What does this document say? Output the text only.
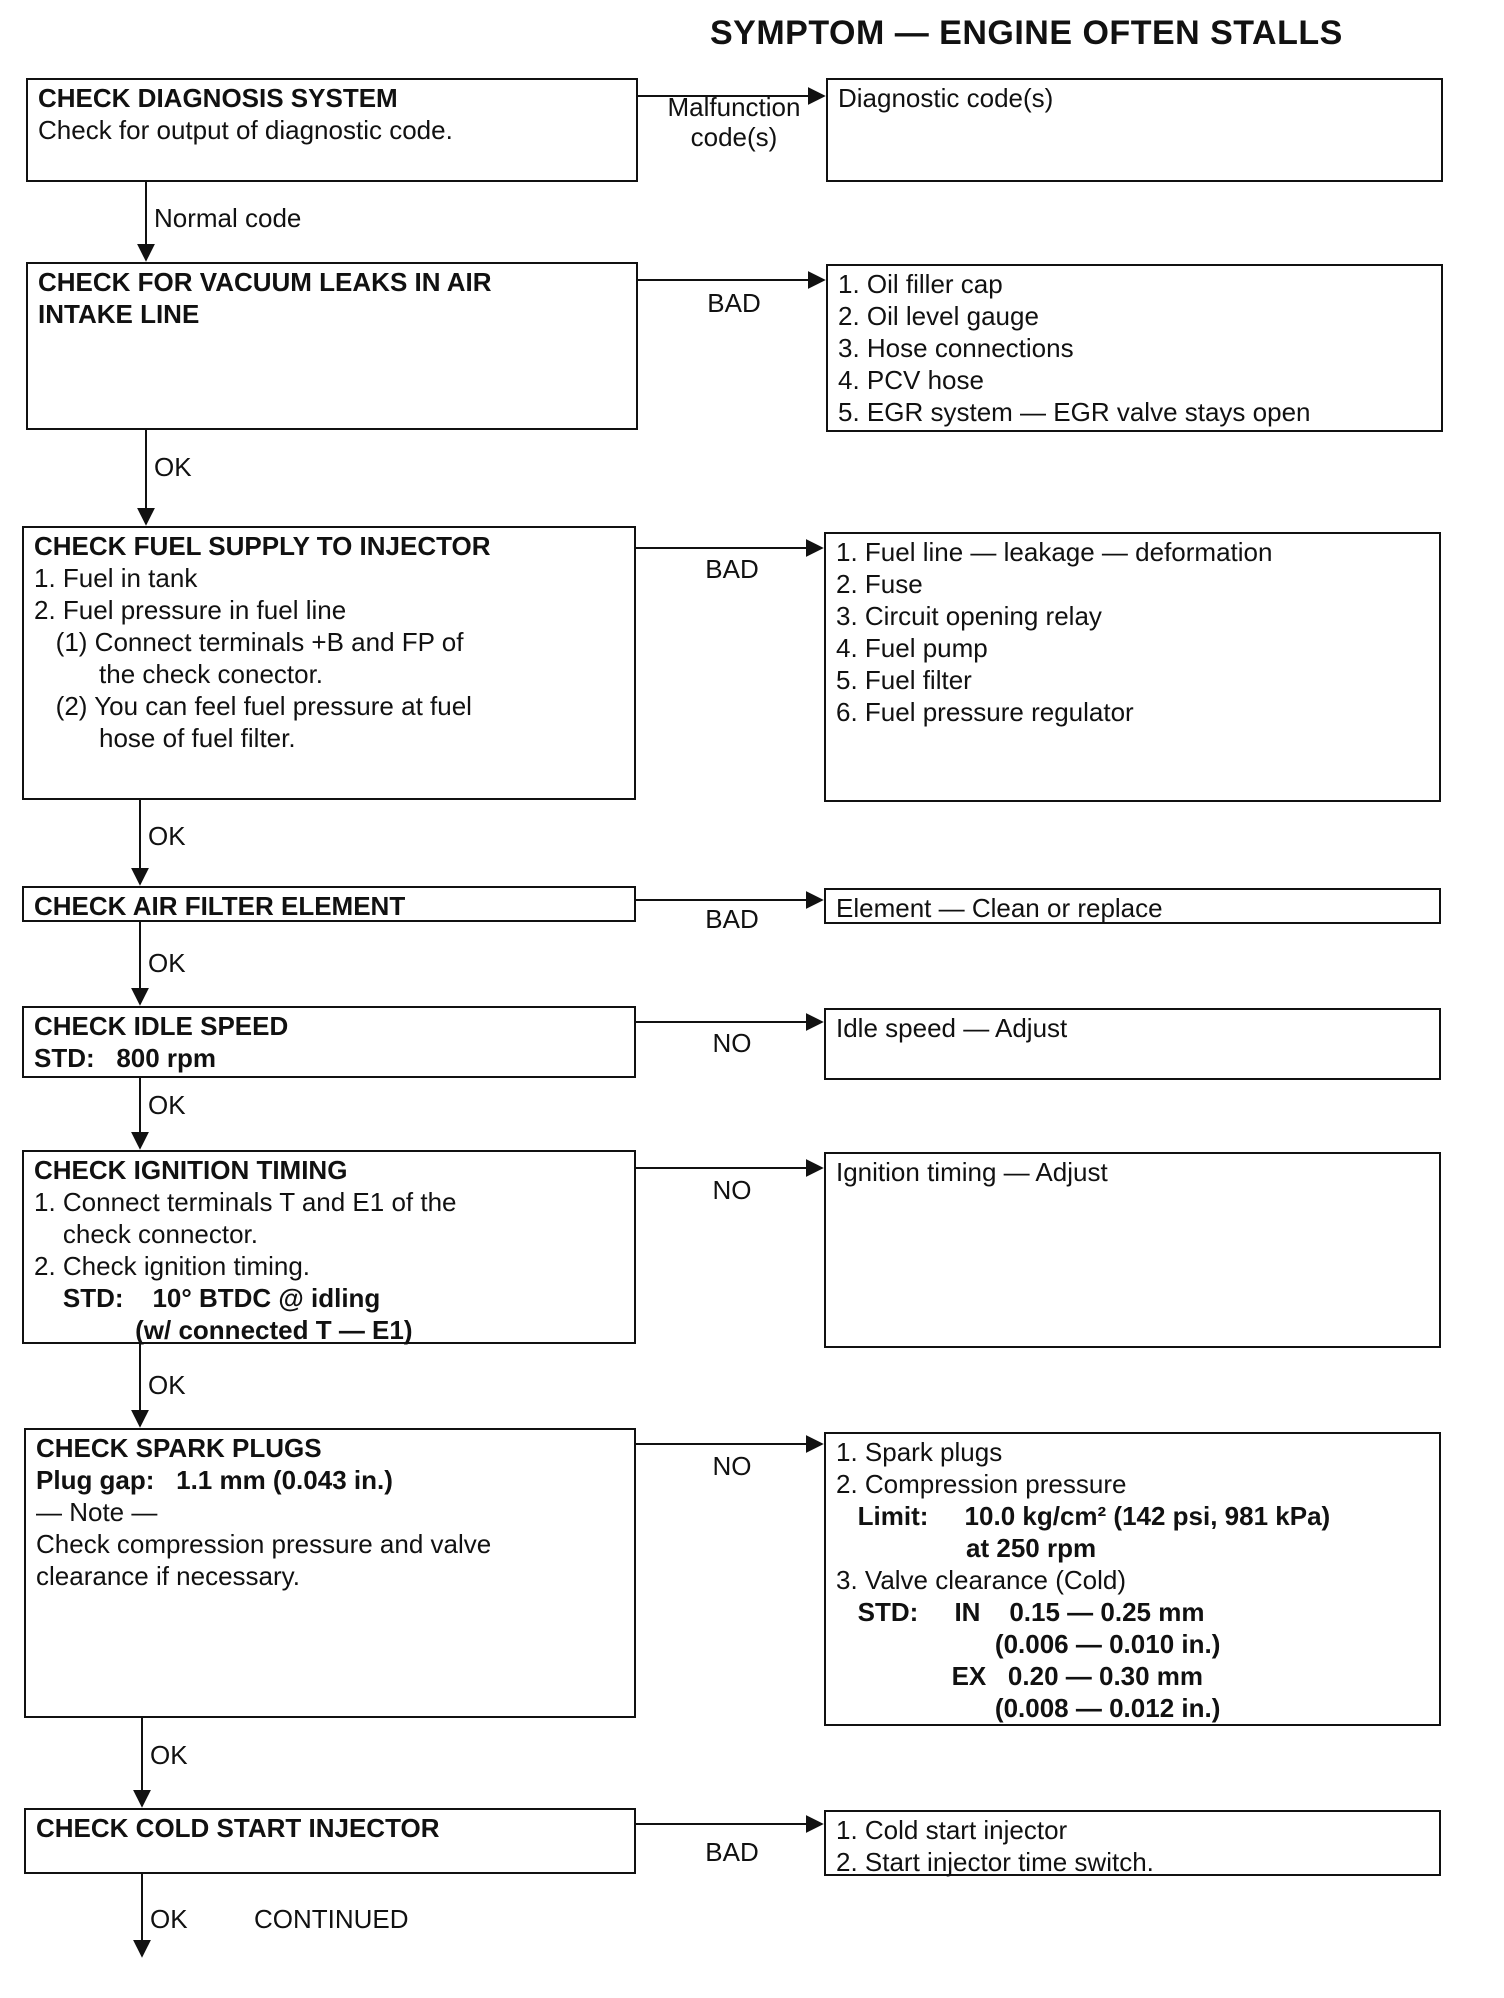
SYMPTOM — ENGINE OFTEN STALLS
CHECK DIAGNOSIS SYSTEM
Check for output of diagnostic code.
Diagnostic code(s)
Malfunction
code(s)
Normal code
CHECK FOR VACUUM LEAKS IN AIR
INTAKE LINE
1. Oil filler cap
2. Oil level gauge
3. Hose connections
4. PCV hose
5. EGR system — EGR valve stays open
BAD
OK
CHECK FUEL SUPPLY TO INJECTOR
1. Fuel in tank
2. Fuel pressure in fuel line
(1) Connect terminals +B and FP of
the check conector.
(2) You can feel fuel pressure at fuel
hose of fuel filter.
1. Fuel line — leakage — deformation
2. Fuse
3. Circuit opening relay
4. Fuel pump
5. Fuel filter
6. Fuel pressure regulator
BAD
OK
CHECK AIR FILTER ELEMENT	Element — Clean or replace
BAD
OK
CHECK IDLE SPEED
STD:   800 rpm
Idle speed — Adjust
NO
OK
CHECK IGNITION TIMING
1. Connect terminals T and E1 of the
check connector.
2. Check ignition timing.
STD:    10° BTDC @ idling
(w/ connected T — E1)
Ignition timing — Adjust
NO
OK
CHECK SPARK PLUGS
Plug gap:   1.1 mm (0.043 in.)
— Note —
Check compression pressure and valve
clearance if necessary.
1. Spark plugs
2. Compression pressure
Limit:     10.0 kg/cm² (142 psi, 981 kPa)
at 250 rpm
3. Valve clearance (Cold)
STD:     IN    0.15 — 0.25 mm
(0.006 — 0.010 in.)
EX   0.20 — 0.30 mm
(0.008 — 0.012 in.)
NO
OK
CHECK COLD START INJECTOR	1. Cold start injector
2. Start injector time switch.
BAD
OK	CONTINUED
